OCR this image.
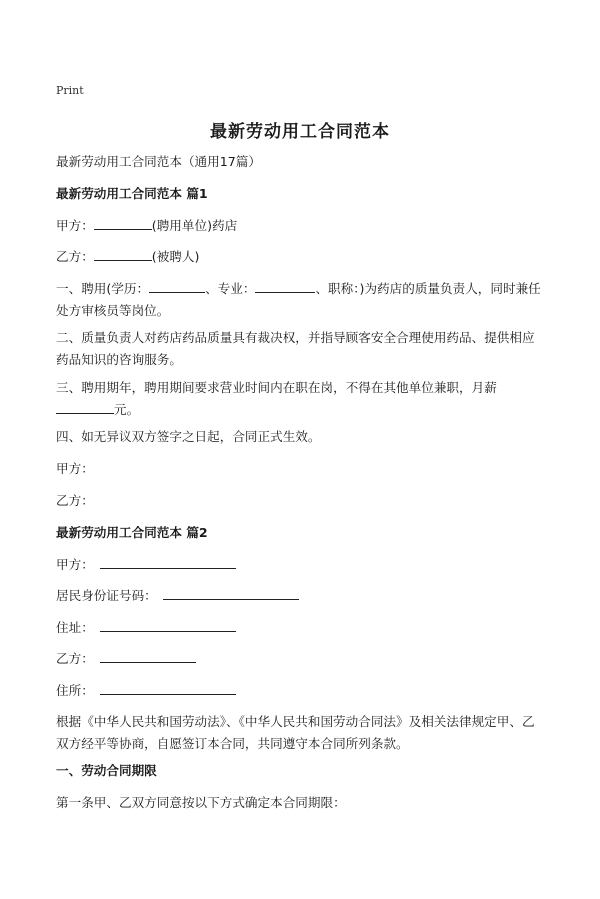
Print
最新劳动用工合同范本
最新劳动用工合同范本（通用17篇）
最新劳动用工合同范本 篇1
甲方：	(聘用单位)药店
乙方：	(被聘人)
一、聘用(学历：	、专业：	、职称：)为药店的质量负责人，同时兼任处方审核员等岗位。
二、质量负责人对药店药品质量具有裁决权，并指导顾客安全合理使用药品、提供相应药品知识的咨询服务。
三、聘用期年，聘用期间要求营业时间内在职在岗，不得在其他单位兼职，月薪元。
四、如无异议双方签字之日起，合同正式生效。
甲方：
乙方：
最新劳动用工合同范本 篇2
甲方：
居民身份证号码：
住址：
乙方：
住所：
根据《中华人民共和国劳动法》、《中华人民共和国劳动合同法》及相关法律规定甲、乙双方经平等协商，自愿签订本合同，共同遵守本合同所列条款。
一、劳动合同期限
第一条甲、乙双方同意按以下方式确定本合同期限：
